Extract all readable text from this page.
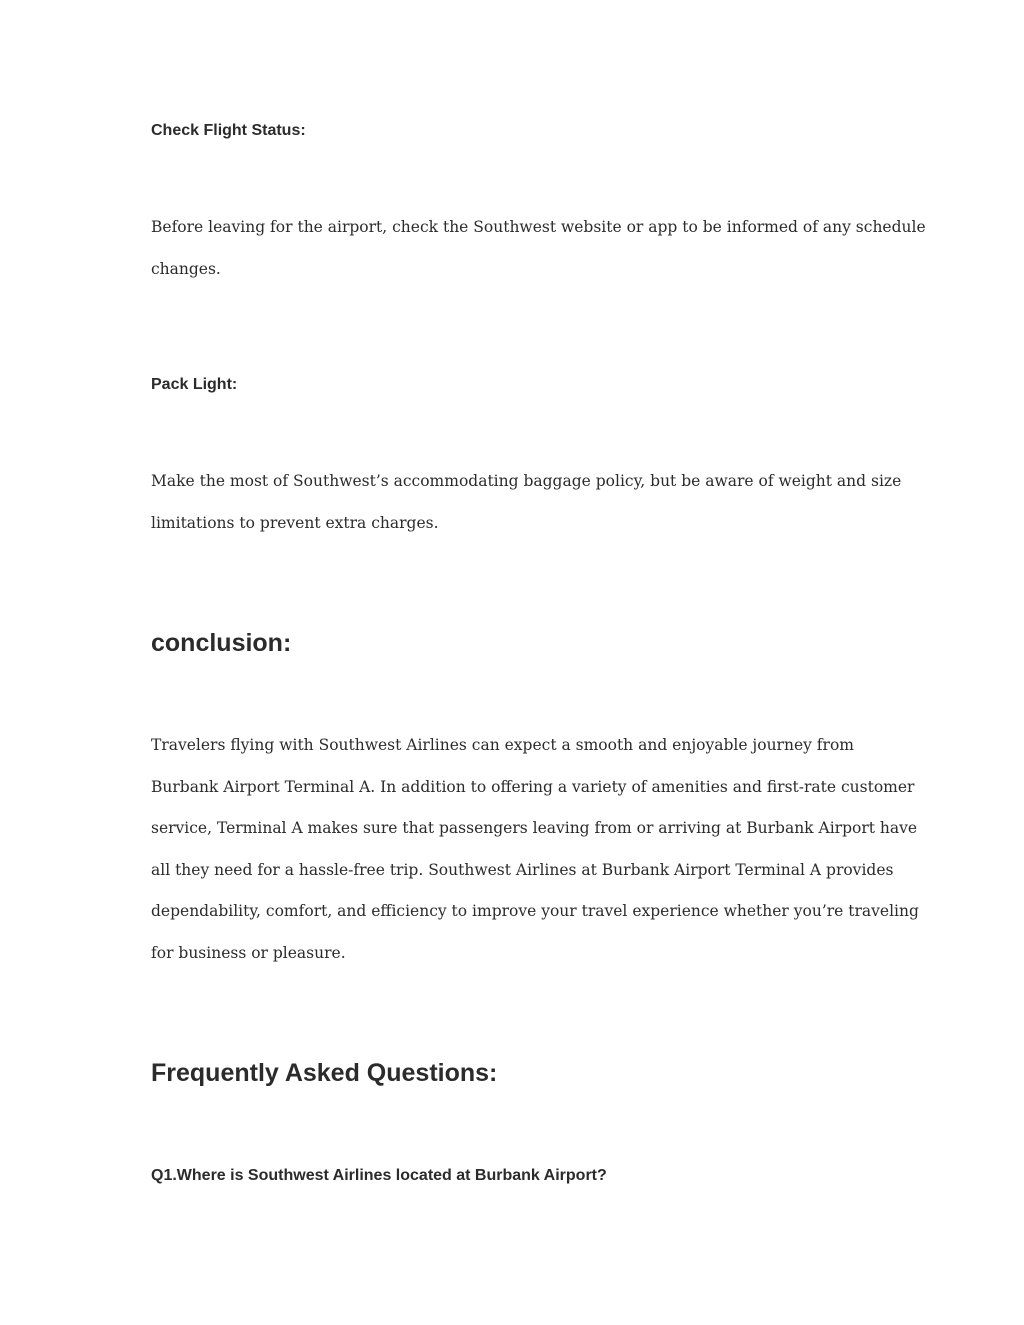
Check Flight Status:

Before leaving for the airport, check the Southwest website or app to be informed of any schedule
changes.

Pack Light:

Make the most of Southwest’s accommodating baggage policy, but be aware of weight and size
limitations to prevent extra charges.

conclusion:

Travelers flying with Southwest Airlines can expect a smooth and enjoyable journey from
Burbank Airport Terminal A. In addition to offering a variety of amenities and first-rate customer
service, Terminal A makes sure that passengers leaving from or arriving at Burbank Airport have
all they need for a hassle-free trip. Southwest Airlines at Burbank Airport Terminal A provides
dependability, comfort, and efficiency to improve your travel experience whether you’re traveling
for business or pleasure.

Frequently Asked Questions:
Q1.Where is Southwest Airlines located at Burbank Airport?
